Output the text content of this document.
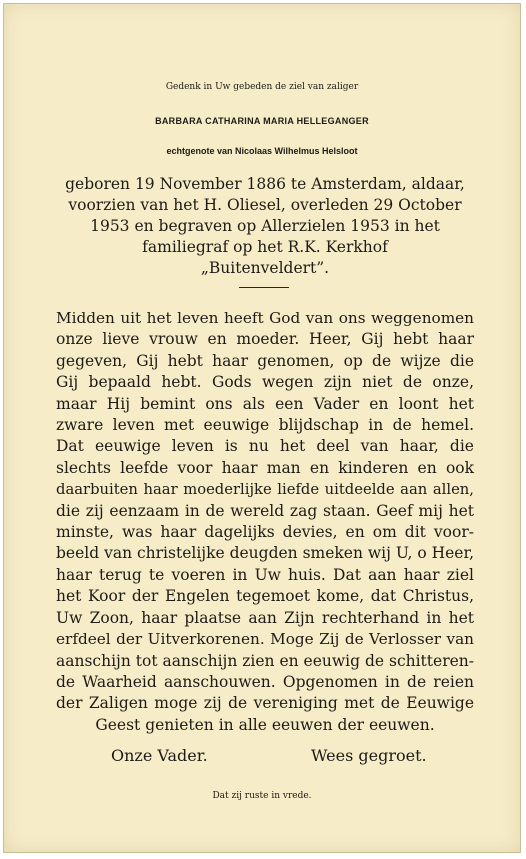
Gedenk in Uw gebeden de ziel van zaliger
BARBARA CATHARINA MARIA HELLEGANGER
echtgenote van Nicolaas Wilhelmus Helsloot
geboren 19 November 1886 te Amsterdam, aldaar,
voorzien van het H. Oliesel, overleden 29 October
1953 en begraven op Allerzielen 1953 in het
familiegraf op het R.K. Kerkhof
„Buitenveldert”.
Midden uit het leven heeft God van ons weggenomen
onze lieve vrouw en moeder. Heer, Gij hebt haar
gegeven, Gij hebt haar genomen, op de wijze die
Gij bepaald hebt. Gods wegen zijn niet de onze,
maar Hij bemint ons als een Vader en loont het
zware leven met eeuwige blijdschap in de hemel.
Dat eeuwige leven is nu het deel van haar, die
slechts leefde voor haar man en kinderen en ook
daarbuiten haar moederlijke liefde uitdeelde aan allen,
die zij eenzaam in de wereld zag staan. Geef mij het
minste, was haar dagelijks devies, en om dit voor-
beeld van christelijke deugden smeken wij U, o Heer,
haar terug te voeren in Uw huis. Dat aan haar ziel
het Koor der Engelen tegemoet kome, dat Christus,
Uw Zoon, haar plaatse aan Zijn rechterhand in het
erfdeel der Uitverkorenen. Moge Zij de Verlosser van
aanschijn tot aanschijn zien en eeuwig de schitteren-
de Waarheid aanschouwen. Opgenomen in de reien
der Zaligen moge zij de vereniging met de Eeuwige
Geest genieten in alle eeuwen der eeuwen.
Onze Vader.	Wees gegroet.
Dat zij ruste in vrede.
